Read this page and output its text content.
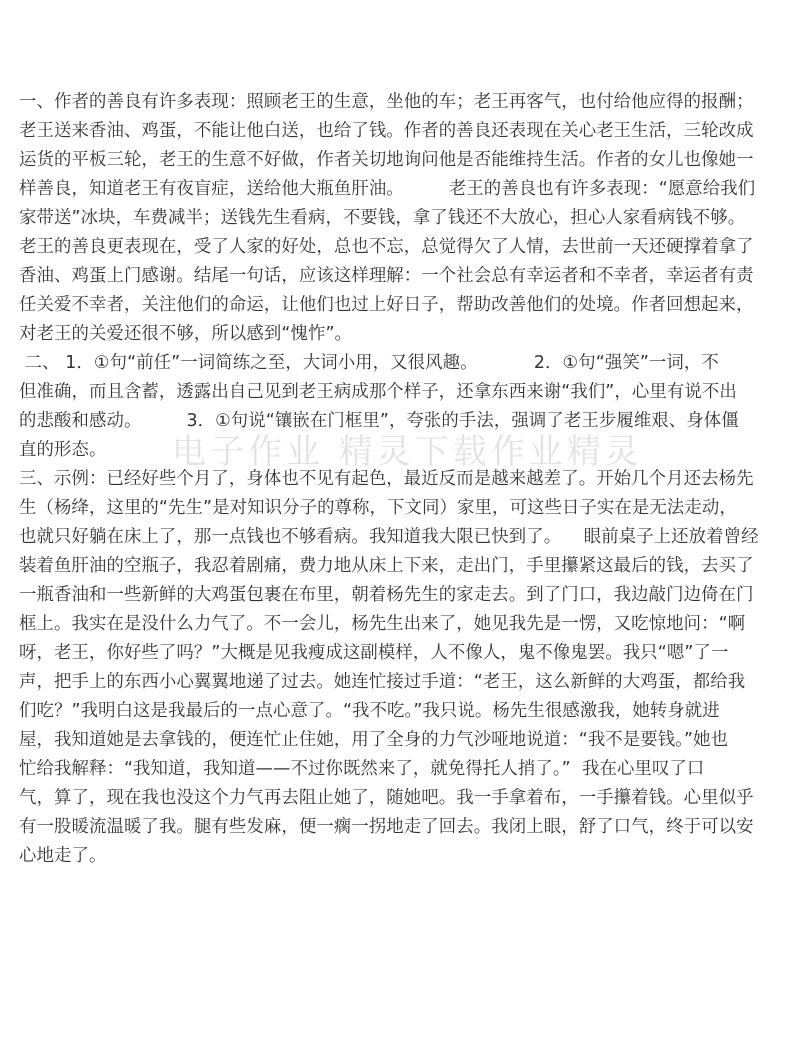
一、作者的善良有许多表现：照顾老王的生意，坐他的车；老王再客气，也付给他应得的报酬；
老王送来香油、鸡蛋，不能让他白送，也给了钱。作者的善良还表现在关心老王生活，三轮改成
运货的平板三轮，老王的生意不好做，作者关切地询问他是否能维持生活。作者的女儿也像她一
样善良，知道老王有夜盲症，送给他大瓶鱼肝油。        老王的善良也有许多表现：“愿意给我们
家带送”冰块，车费减半；送钱先生看病，不要钱，拿了钱还不大放心，担心人家看病钱不够。
老王的善良更表现在，受了人家的好处，总也不忘，总觉得欠了人情，去世前一天还硬撑着拿了
香油、鸡蛋上门感谢。结尾一句话，应该这样理解：一个社会总有幸运者和不幸者，幸运者有责
任关爱不幸者，关注他们的命运，让他们也过上好日子，帮助改善他们的处境。作者回想起来，
对老王的关爱还很不够，所以感到“愧怍”。
二、 1．①句“前任”一词简练之至，大词小用，又很风趣。          2．①句“强笑”一词，不
但准确，而且含蓄，透露出自己见到老王病成那个样子，还拿东西来谢“我们”，心里有说不出
的悲酸和感动。        3．①句说“镶嵌在门框里”，夸张的手法，强调了老王步履维艰、身体僵
直的形态。
三、示例：已经好些个月了，身体也不见有起色，最近反而是越来越差了。开始几个月还去杨先
生（杨绛，这里的“先生”是对知识分子的尊称，下文同）家里，可这些日子实在是无法走动，
也就只好躺在床上了，那一点钱也不够看病。我知道我大限已快到了。    眼前桌子上还放着曾经
装着鱼肝油的空瓶子，我忍着剧痛，费力地从床上下来，走出门，手里攥紧这最后的钱，去买了
一瓶香油和一些新鲜的大鸡蛋包裹在布里，朝着杨先生的家走去。到了门口，我边敲门边倚在门
框上。我实在是没什么力气了。不一会儿，杨先生出来了，她见我先是一愣，又吃惊地问：“啊
呀，老王，你好些了吗？”大概是见我瘦成这副模样，人不像人，鬼不像鬼罢。我只“嗯”了一
声，把手上的东西小心翼翼地递了过去。她连忙接过手道：“老王，这么新鲜的大鸡蛋，都给我
们吃？”我明白这是我最后的一点心意了。“我不吃。”我只说。杨先生很感激我，她转身就进
屋，我知道她是去拿钱的，便连忙止住她，用了全身的力气沙哑地说道：“我不是要钱。”她也
忙给我解释：“我知道，我知道——不过你既然来了，就免得托人捎了。”  我在心里叹了口
气，算了，现在我也没这个力气再去阻止她了，随她吧。我一手拿着布，一手攥着钱。心里似乎
有一股暖流温暖了我。腿有些发麻，便一瘸一拐地走了回去。我闭上眼，舒了口气，终于可以安
心地走了。
电子作业 精灵下载作业精灵
